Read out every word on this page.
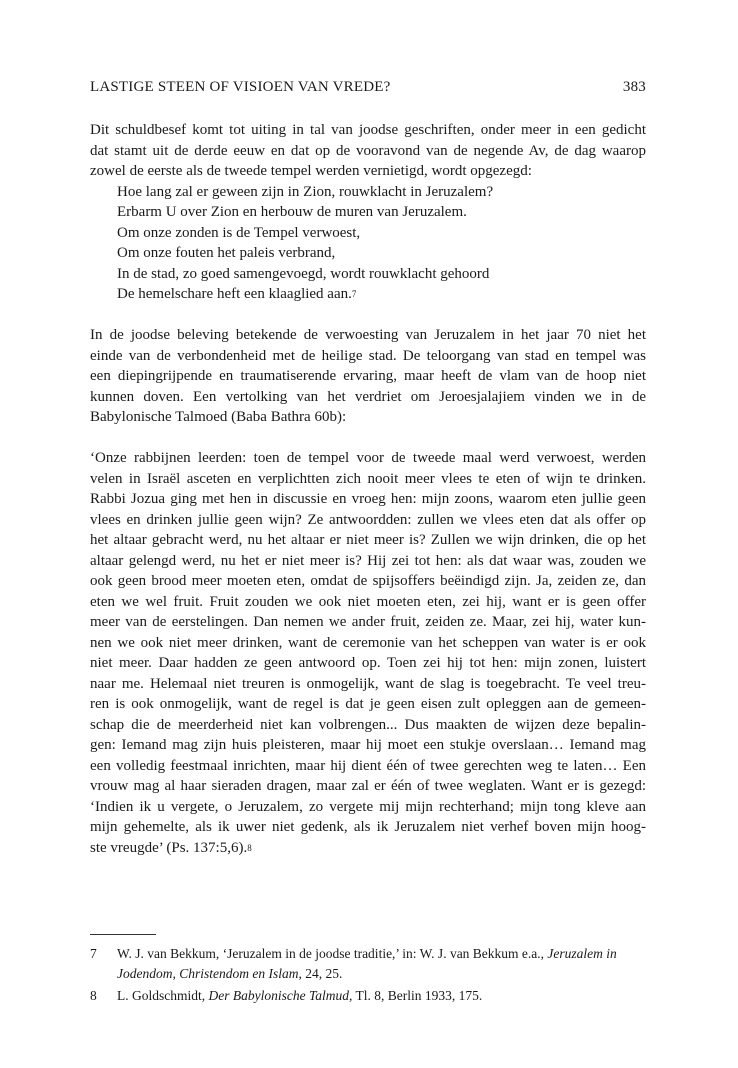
LASTIGE STEEN OF VISIOEN VAN VREDE?	383
Dit schuldbesef komt tot uiting in tal van joodse geschriften, onder meer in een gedicht
dat stamt uit de derde eeuw en dat op de vooravond van de negende Av, de dag waarop
zowel de eerste als de tweede tempel werden vernietigd, wordt opgezegd:
Hoe lang zal er geween zijn in Zion, rouwklacht in Jeruzalem?
Erbarm U over Zion en herbouw de muren van Jeruzalem.
Om onze zonden is de Tempel verwoest,
Om onze fouten het paleis verbrand,
In de stad, zo goed samengevoegd, wordt rouwklacht gehoord
De hemelschare heft een klaaglied aan.$^7$
In de joodse beleving betekende de verwoesting van Jeruzalem in het jaar 70 niet het
einde van de verbondenheid met de heilige stad. De teloorgang van stad en tempel was
een diepingrijpende en traumatiserende ervaring, maar heeft de vlam van de hoop niet
kunnen doven. Een vertolking van het verdriet om Jeroesjalajiem vinden we in de
Babylonische Talmoed (Baba Bathra 60b):
‘Onze rabbijnen leerden: toen de tempel voor de tweede maal werd verwoest, werden
velen in Israël asceten en verplichtten zich nooit meer vlees te eten of wijn te drinken.
Rabbi Jozua ging met hen in discussie en vroeg hen: mijn zoons, waarom eten jullie geen
vlees en drinken jullie geen wijn? Ze antwoordden: zullen we vlees eten dat als offer op
het altaar gebracht werd, nu het altaar er niet meer is? Zullen we wijn drinken, die op het
altaar gelengd werd, nu het er niet meer is? Hij zei tot hen: als dat waar was, zouden we
ook geen brood meer moeten eten, omdat de spijsoffers beëindigd zijn. Ja, zeiden ze, dan
eten we wel fruit. Fruit zouden we ook niet moeten eten, zei hij, want er is geen offer
meer van de eerstelingen. Dan nemen we ander fruit, zeiden ze. Maar, zei hij, water kun-
nen we ook niet meer drinken, want de ceremonie van het scheppen van water is er ook
niet meer. Daar hadden ze geen antwoord op. Toen zei hij tot hen: mijn zonen, luistert
naar me. Helemaal niet treuren is onmogelijk, want de slag is toegebracht. Te veel treu-
ren is ook onmogelijk, want de regel is dat je geen eisen zult opleggen aan de gemeen-
schap die de meerderheid niet kan volbrengen... Dus maakten de wijzen deze bepalin-
gen: Iemand mag zijn huis pleisteren, maar hij moet een stukje overslaan… Iemand mag
een volledig feestmaal inrichten, maar hij dient één of twee gerechten weg te laten… Een
vrouw mag al haar sieraden dragen, maar zal er één of twee weglaten. Want er is gezegd:
‘Indien ik u vergete, o Jeruzalem, zo vergete mij mijn rechterhand; mijn tong kleve aan
mijn gehemelte, als ik uwer niet gedenk, als ik Jeruzalem niet verhef boven mijn hoog-
ste vreugde’ (Ps. 137:5,6).$^8$
7 W. J. van Bekkum, ‘Jeruzalem in de joodse traditie,’ in: W. J. van Bekkum e.a., Jeruzalem in
Jodendom, Christendom en Islam, 24, 25.
8 L. Goldschmidt, Der Babylonische Talmud, Tl. 8, Berlin 1933, 175.
